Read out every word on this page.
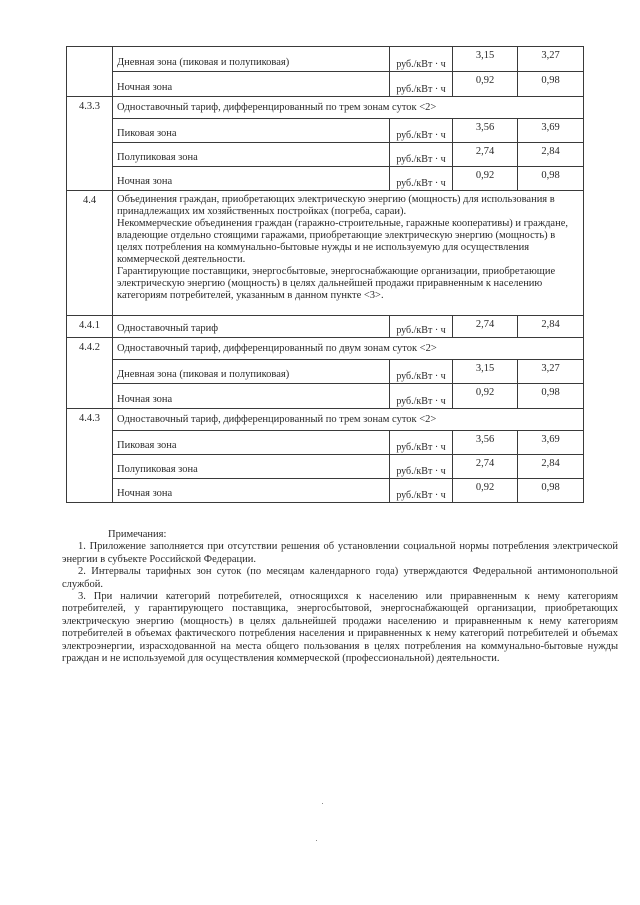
	Дневная зона (пиковая и полупиковая)	руб./кВт · ч	3,15	3,27
	Ночная зона	руб./кВт · ч	0,92	0,98
4.3.3	Одноставочный тариф, дифференцированный по трем зонам суток <2>			
	Пиковая зона	руб./кВт · ч	3,56	3,69
	Полупиковая зона	руб./кВт · ч	2,74	2,84
	Ночная зона	руб./кВт · ч	0,92	0,98
4.4	Объединения граждан, приобретающих электрическую энергию (мощность) для использования в принадлежащих им хозяйственных постройках (погреба, сараи).
Некоммерческие объединения граждан (гаражно-строительные, гаражные кооперативы) и граждане, владеющие отдельно стоящими гаражами, приобретающие электрическую энергию (мощность) в целях потребления на коммунально-бытовые нужды и не используемую для осуществления коммерческой деятельности.
Гарантирующие поставщики, энергосбытовые, энергоснабжающие организации, приобретающие электрическую энергию (мощность) в целях дальнейшей продажи приравненным к населению категориям потребителей, указанным в данном пункте <3>.			

4.4.1	Одноставочный тариф	руб./кВт · ч	2,74	2,84
4.4.2	Одноставочный тариф, дифференцированный по двум зонам суток <2>			
	Дневная зона (пиковая и полупиковая)	руб./кВт · ч	3,15	3,27
	Ночная зона	руб./кВт · ч	0,92	0,98
4.4.3	Одноставочный тариф, дифференцированный по трем зонам суток <2>			
	Пиковая зона	руб./кВт · ч	3,56	3,69
	Полупиковая зона	руб./кВт · ч	2,74	2,84
	Ночная зона	руб./кВт · ч	0,92	0,98
Примечания:

1. Приложение заполняется при отсутствии решения об установлении социальной нормы потребления электрической энергии в субъекте Российской Федерации.

2. Интервалы тарифных зон суток (по месяцам календарного года) утверждаются Федеральной антимонопольной службой.

3. При наличии категорий потребителей, относящихся к населению или приравненным к нему категориям потребителей, у гарантирующего поставщика, энергосбытовой, энергоснабжающей организации, приобретающих электрическую энергию (мощность) в целях дальнейшей продажи населению и приравненным к нему категориям потребителей в объемах фактического потребления населения и приравненных к нему категорий потребителей и объемах электроэнергии, израсходованной на места общего пользования в целях потребления на коммунально-бытовые нужды граждан и не используемой для осуществления коммерческой (профессиональной) деятельности.
